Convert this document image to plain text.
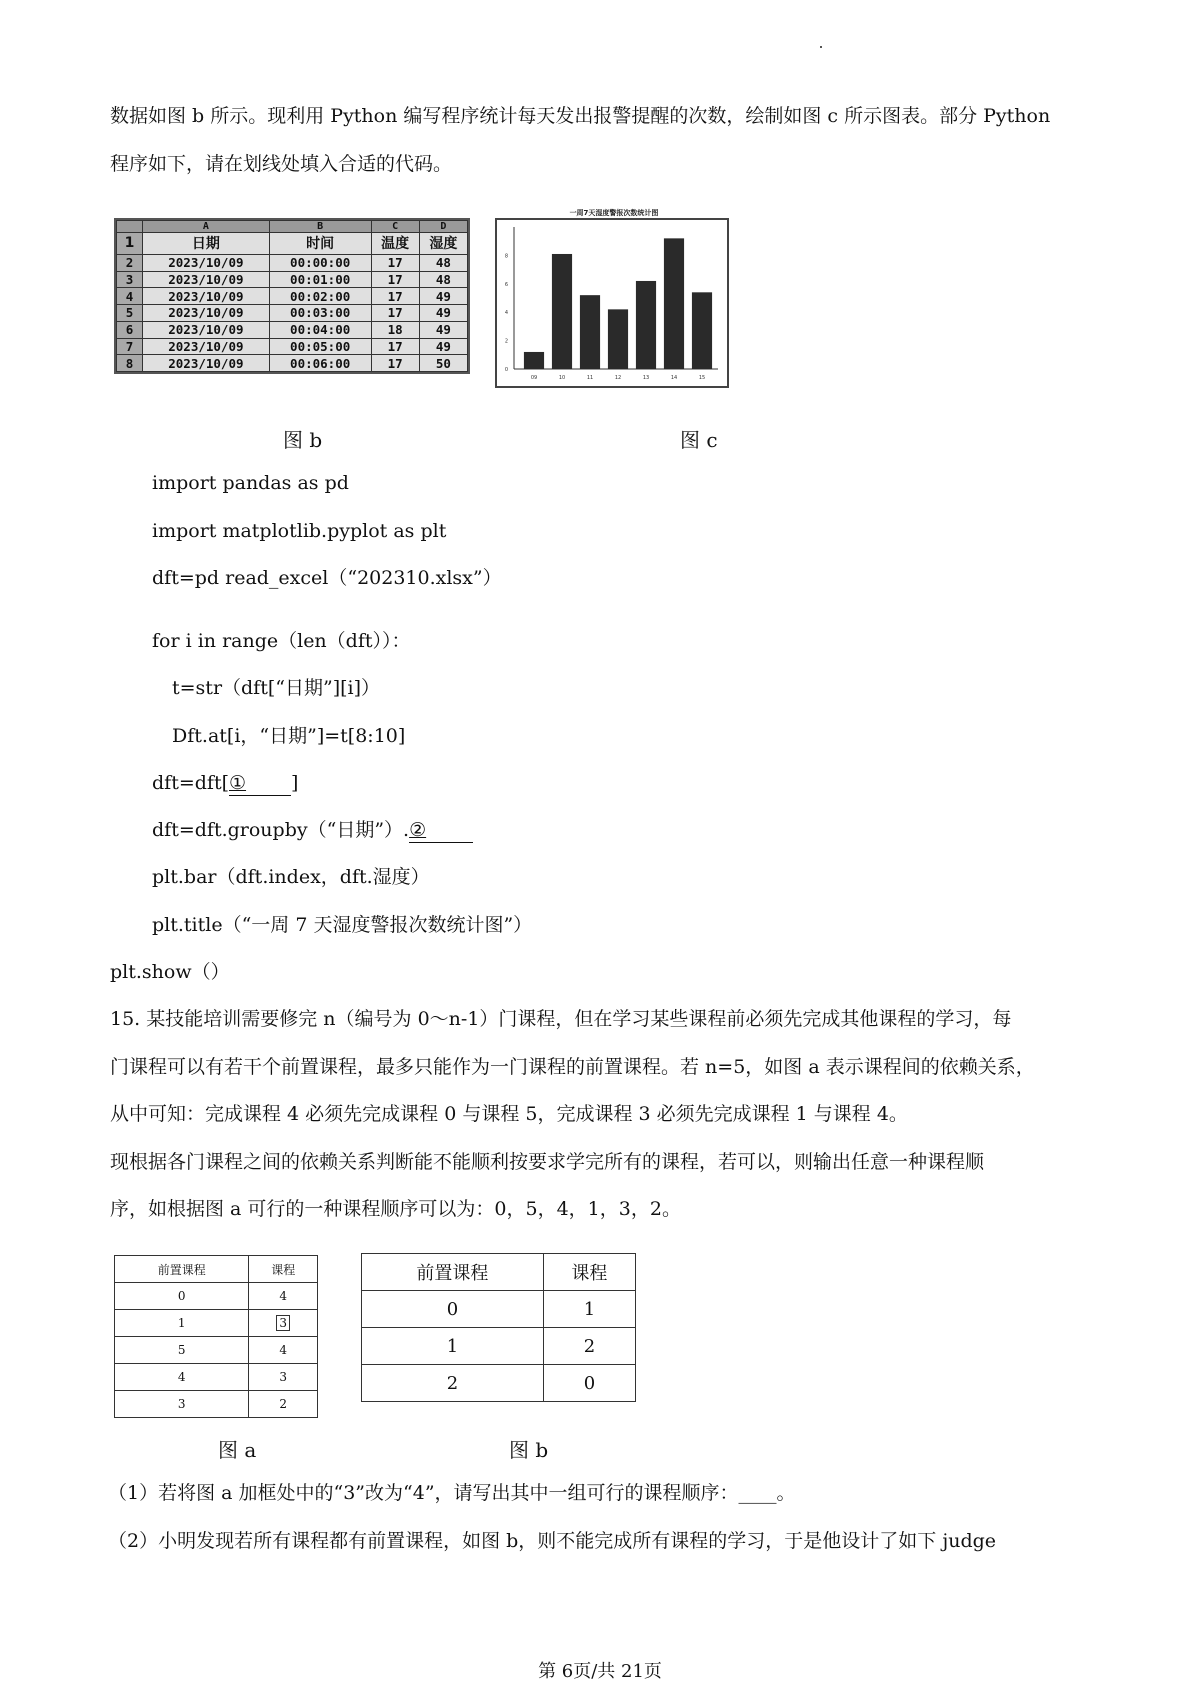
数据如图 b 所示。现利用 Python 编写程序统计每天发出报警提醒的次数，绘制如图 c 所示图表。部分 Python
程序如下，请在划线处填入合适的代码。
	A	B	C	D
1	日期	时间	温度	湿度
2	2023/10/09	00:00:00	17	48
3	2023/10/09	00:01:00	17	48
4	2023/10/09	00:02:00	17	49
5	2023/10/09	00:03:00	17	49
6	2023/10/09	00:04:00	18	49
7	2023/10/09	00:05:00	17	49
8	2023/10/09	00:06:00	17	50
一周7天湿度警报次数统计图
0
2
4
6
8
09	10	11	12	13	14	15
图 b	图 c
import pandas as pd
import matplotlib.pyplot as plt
dft=pd read_excel（“202310.xlsx”）
for i in range（len（dft））：
t=str（dft[“日期”][i]）
Dft.at[i，“日期”]=t[8:10]
dft=dft[① ]
dft=dft.groupby（“日期”）.②
plt.bar（dft.index，dft.湿度）
plt.title（“一周 7 天湿度警报次数统计图”）
plt.show（）
15. 某技能培训需要修完 n（编号为 0～n-1）门课程，但在学习某些课程前必须先完成其他课程的学习，每
门课程可以有若干个前置课程，最多只能作为一门课程的前置课程。若 n=5，如图 a 表示课程间的依赖关系，
从中可知：完成课程 4 必须先完成课程 0 与课程 5，完成课程 3 必须先完成课程 1 与课程 4。
现根据各门课程之间的依赖关系判断能不能顺利按要求学完所有的课程，若可以，则输出任意一种课程顺
序，如根据图 a 可行的一种课程顺序可以为：0，5，4，1，3，2。
前置课程	课程
0	4
1	3
5	4
4	3
3	2
前置课程	课程
0	1
1	2
2	0
图 a	图 b
（1）若将图 a 加框处中的“3”改为“4”，请写出其中一组可行的课程顺序：____。
（2）小明发现若所有课程都有前置课程，如图 b，则不能完成所有课程的学习，于是他设计了如下 judge
第 6页/共 21页
